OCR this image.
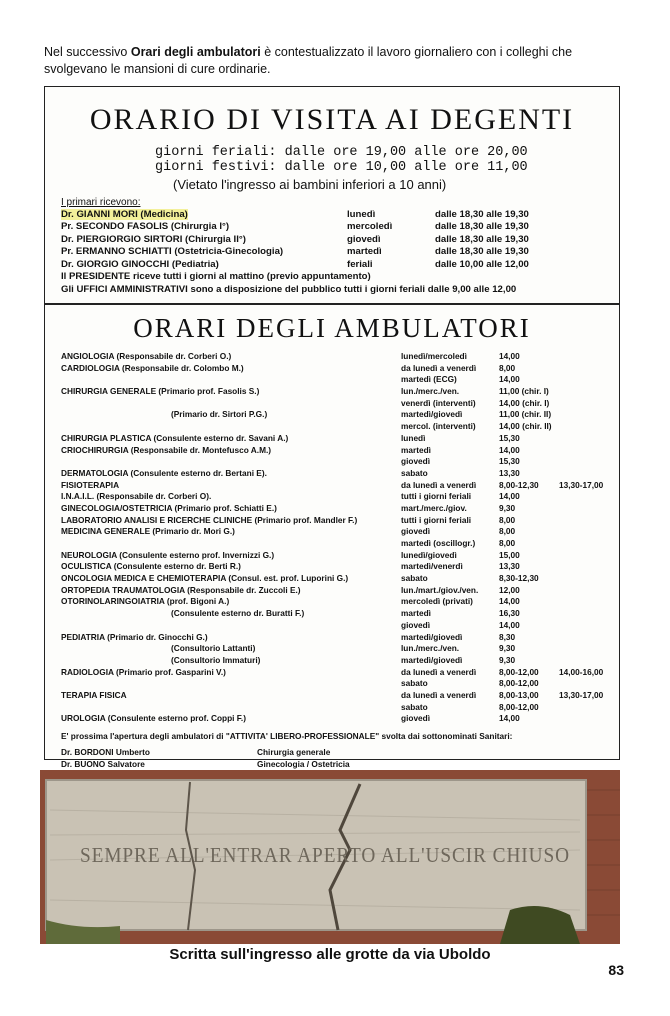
Nel successivo Orari degli ambulatori è contestualizzato il lavoro giornaliero con i colleghi che svolgevano le mansioni di cure ordinarie.
ORARIO DI VISITA AI DEGENTI
giorni feriali: dalle ore 19,00 alle ore 20,00
giorni festivi: dalle ore 10,00 alle ore 11,00
(Vietato l'ingresso ai bambini inferiori a 10 anni)
I primari ricevono:
Dr. GIANNI MORI (Medicina)	lunedì	dalle 18,30 alle 19,30
Pr. SECONDO FASOLIS (Chirurgia I°)	mercoledì	dalle 18,30 alle 19,30
Dr. PIERGIORGIO SIRTORI (Chirurgia II°)	giovedì	dalle 18,30 alle 19,30
Pr. ERMANNO SCHIATTI (Ostetricia-Ginecologia)	martedì	dalle 18,30 alle 19,30
Dr. GIORGIO GINOCCHI (Pediatria)	feriali	dalle 10,00 alle 12,00
Il PRESIDENTE riceve tutti i giorni al mattino (previo appuntamento)
Gli UFFICI AMMINISTRATIVI sono a disposizione del pubblico tutti i giorni feriali dalle 9,00 alle 12,00
ORARI DEGLI AMBULATORI
ANGIOLOGIA (Responsabile dr. Corberi O.)	lunedì/mercoledì	14,00
CARDIOLOGIA (Responsabile dr. Colombo M.)	da lunedì a venerdì	8,00
martedì (ECG)	14,00
CHIRURGIA GENERALE (Primario prof. Fasolis S.)	lun./merc./ven.	11,00 (chir. I)
venerdì (interventi)	14,00 (chir. I)
(Primario dr. Sirtori P.G.)	martedì/giovedì	11,00 (chir. II)
mercol. (interventi)	14,00 (chir. II)
CHIRURGIA PLASTICA (Consulente esterno dr. Savani A.)	lunedì	15,30
CRIOCHIRURGIA (Responsabile dr. Montefusco A.M.)	martedì	14,00
giovedì	15,30
DERMATOLOGIA (Consulente esterno dr. Bertani E).	sabato	13,30
FISIOTERAPIA	da lunedì a venerdì	8,00-12,30 13,30-17,00
I.N.A.I.L. (Responsabile dr. Corberi O).	tutti i giorni feriali	14,00
GINECOLOGIA/OSTETRICIA (Primario prof. Schiatti E.)	mart./merc./giov.	9,30
LABORATORIO ANALISI E RICERCHE CLINICHE (Primario prof. Mandler F.)	tutti i giorni feriali	8,00
MEDICINA GENERALE (Primario dr. Mori G.)	giovedì	8,00
martedì (oscillogr.)	8,00
NEUROLOGIA (Consulente esterno prof. Invernizzi G.)	lunedì/giovedì	15,00
OCULISTICA (Consulente esterno dr. Berti R.)	martedì/venerdì	13,30
ONCOLOGIA MEDICA E CHEMIOTERAPIA (Consul. est. prof. Luporini G.)	sabato	8,30-12,30
ORTOPEDIA TRAUMATOLOGIA (Responsabile dr. Zuccoli E.)	lun./mart./giov./ven. 12,00
OTORINOLARINGOIATRIA (prof. Bigoni A.)	mercoledì (privati)	14,00
(Consulente esterno dr. Buratti F.)	martedì	16,30
giovedì	14,00
PEDIATRIA (Primario dr. Ginocchi G.)	martedì/giovedì	8,30
(Consultorio Lattanti)	lun./merc./ven.	9,30
(Consultorio Immaturi)	martedì/giovedì	9,30
RADIOLOGIA (Primario prof. Gasparini V.)	da lunedì a venerdì	8,00-12,00 14,00-16,00
sabato	8,00-12,00
TERAPIA FISICA	da lunedì a venerdì	8,00-13,00 13,30-17,00
sabato	8,00-12,00
UROLOGIA (Consulente esterno prof. Coppi F.)	giovedì	14,00
E' prossima l'apertura degli ambulatori di "ATTIVITA' LIBERO-PROFESSIONALE" svolta dai sottonominati Sanitari:
Dr. BORDONI Umberto	Chirurgia generale
Dr. BUONO Salvatore	Ginecologia / Ostetricia
SEMPRE ALL'ENTRAR APERTO ALL'USCIR CHIUSO
Scritta sull'ingresso alle grotte da via Uboldo
83
